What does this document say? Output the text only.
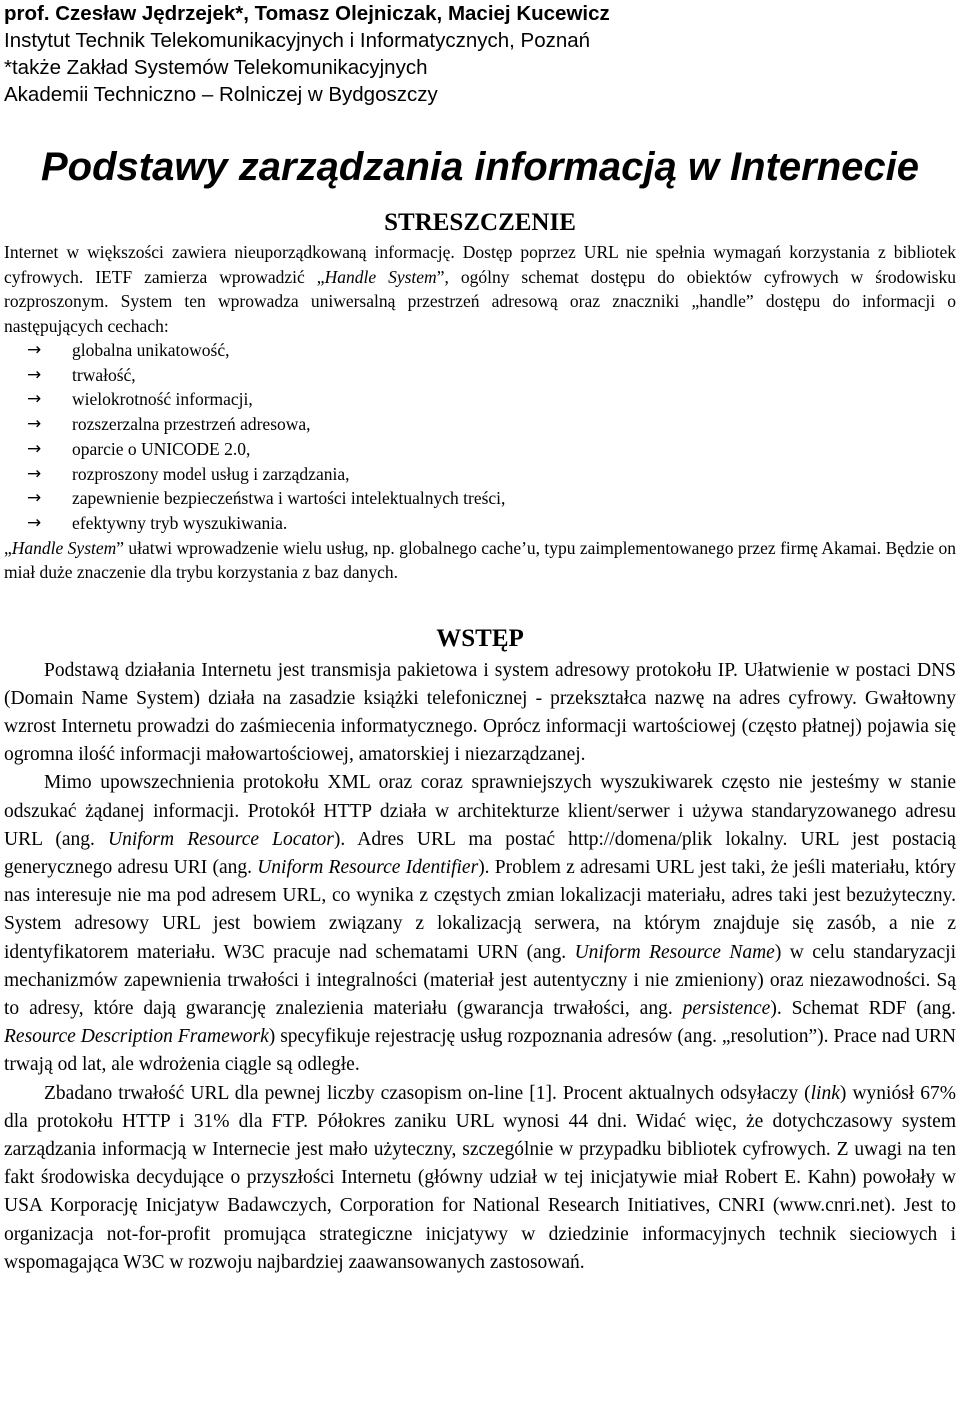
prof. Czesław Jędrzejek*, Tomasz Olejniczak, Maciej Kucewicz
Instytut Technik Telekomunikacyjnych i Informatycznych, Poznań
*także Zakład Systemów Telekomunikacyjnych
Akademii Techniczno – Rolniczej w Bydgoszczy
Podstawy zarządzania informacją w Internecie
STRESZCZENIE

Internet w większości zawiera nieuporządkowaną informację. Dostęp poprzez URL nie spełnia wymagań korzystania z bibliotek cyfrowych. IETF zamierza wprowadzić „Handle System”, ogólny schemat dostępu do obiektów cyfrowych w środowisku rozproszonym. System ten wprowadza uniwersalną przestrzeń adresową oraz znaczniki „handle” dostępu do informacji o następujących cechach:

→ globalna unikatowość,
→ trwałość,
→ wielokrotność informacji,
→ rozszerzalna przestrzeń adresowa,
→ oparcie o UNICODE 2.0,
→ rozproszony model usług i zarządzania,
→ zapewnienie bezpieczeństwa i wartości intelektualnych treści,
→ efektywny tryb wyszukiwania.

„Handle System” ułatwi wprowadzenie wielu usług, np. globalnego cache’u, typu zaimplementowanego przez firmę Akamai. Będzie on miał duże znaczenie dla trybu korzystania z baz danych.

WSTĘP

Podstawą działania Internetu jest transmisja pakietowa i system adresowy protokołu IP. Ułatwienie w postaci DNS (Domain Name System) działa na zasadzie książki telefonicznej - przekształca nazwę na adres cyfrowy. Gwałtowny wzrost Internetu prowadzi do zaśmiecenia informatycznego. Oprócz informacji wartościowej (często płatnej) pojawia się ogromna ilość informacji małowartościowej, amatorskiej i niezarządzanej.

Mimo upowszechnienia protokołu XML oraz coraz sprawniejszych wyszukiwarek często nie jesteśmy w stanie odszukać żądanej informacji. Protokół HTTP działa w architekturze klient/serwer i używa standaryzowanego adresu URL (ang. Uniform Resource Locator). Adres URL ma postać http://domena/plik lokalny. URL jest postacią generycznego adresu URI (ang. Uniform Resource Identifier). Problem z adresami URL jest taki, że jeśli materiału, który nas interesuje nie ma pod adresem URL, co wynika z częstych zmian lokalizacji materiału, adres taki jest bezużyteczny. System adresowy URL jest bowiem związany z lokalizacją serwera, na którym znajduje się zasób, a nie z identyfikatorem materiału. W3C pracuje nad schematami URN (ang. Uniform Resource Name) w celu standaryzacji mechanizmów zapewnienia trwałości i integralności (materiał jest autentyczny i nie zmieniony) oraz niezawodności. Są to adresy, które dają gwarancję znalezienia materiału (gwarancja trwałości, ang. persistence). Schemat RDF (ang. Resource Description Framework) specyfikuje rejestrację usług rozpoznania adresów (ang. „resolution”). Prace nad URN trwają od lat, ale wdrożenia ciągle są odległe.

Zbadano trwałość URL dla pewnej liczby czasopism on-line [1]. Procent aktualnych odsyłaczy (link) wyniósł 67% dla protokołu HTTP i 31% dla FTP. Półokres zaniku URL wynosi 44 dni. Widać więc, że dotychczasowy system zarządzania informacją w Internecie jest mało użyteczny, szczególnie w przypadku bibliotek cyfrowych. Z uwagi na ten fakt środowiska decydujące o przyszłości Internetu (główny udział w tej inicjatywie miał Robert E. Kahn) powołały w USA Korporację Inicjatyw Badawczych, Corporation for National Research Initiatives, CNRI (www.cnri.net). Jest to organizacja not-for-profit promująca strategiczne inicjatywy w dziedzinie informacyjnych technik sieciowych i wspomagająca W3C w rozwoju najbardziej zaawansowanych zastosowań.
